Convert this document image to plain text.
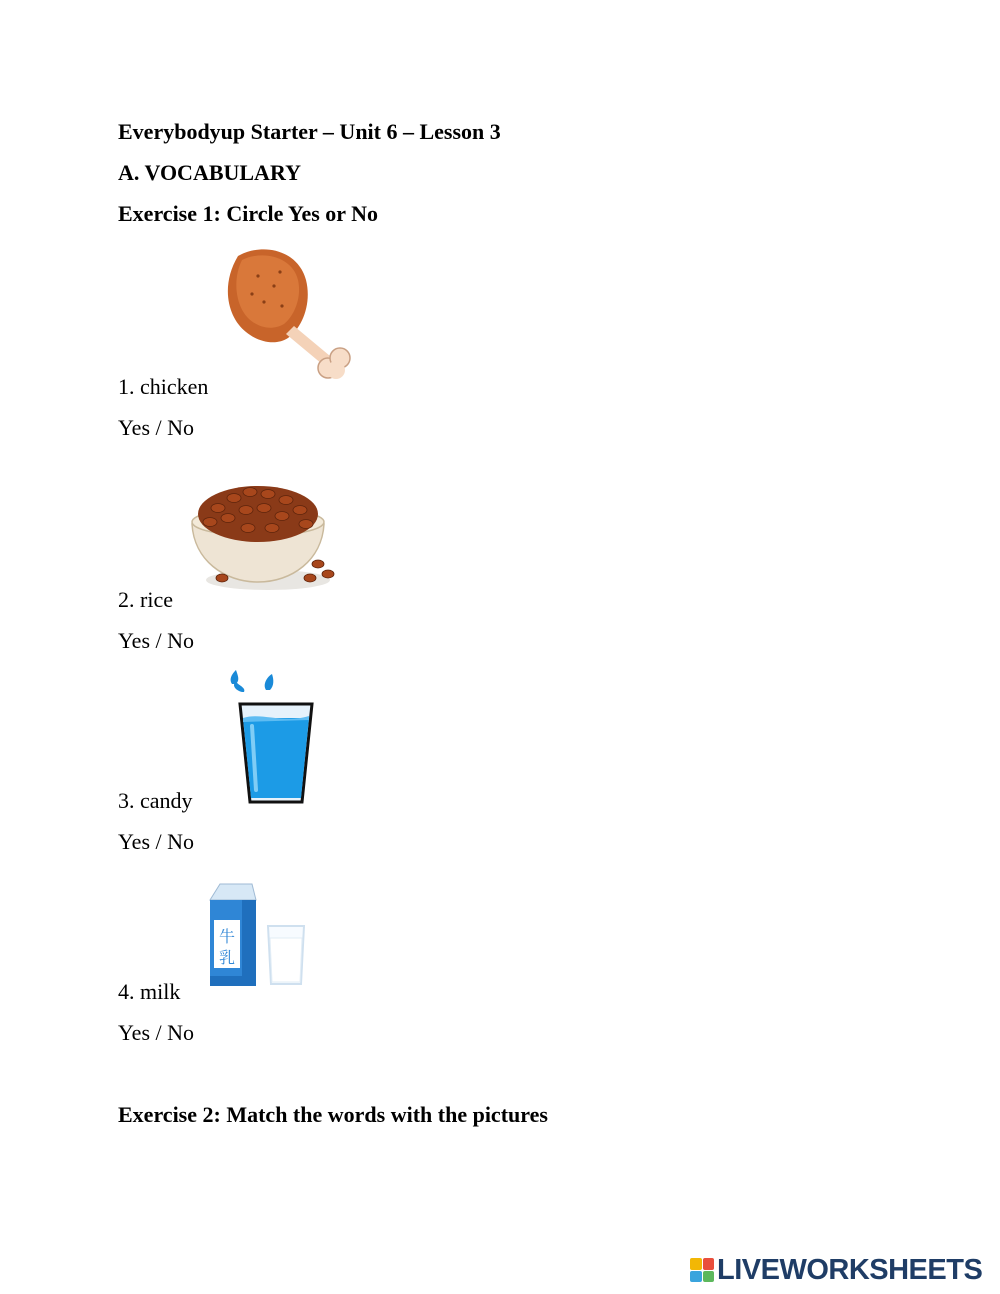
Everybodyup Starter – Unit 6 – Lesson 3
A. VOCABULARY
Exercise 1: Circle Yes or No
1. chicken
Yes / No
2. rice
Yes / No
3. candy
Yes / No
牛
乳
4. milk
Yes / No
Exercise 2: Match the words with the pictures
LIVEWORKSHEETS
